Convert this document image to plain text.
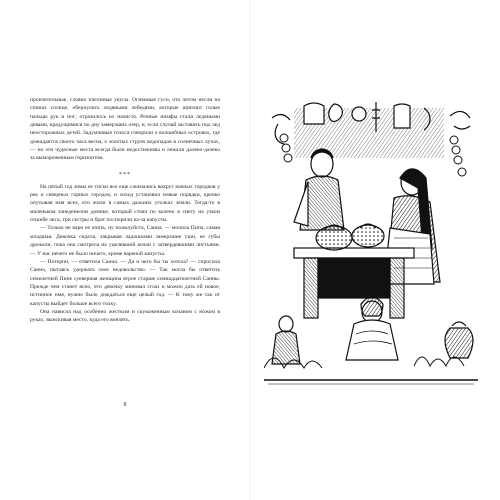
пронзительные, словно пчелиные укусы. Огненные гуси, что летом несли на спинах солнце, обернулись ледяными лебедями, которые щиплют голые пальцы рук и ног; отразилось их начисто. Речные нимфы стали ледяными девами, крадущимися по дну замерзших озер, и, если случай заставить под лед неосторожных детей. Задумчивые голоса говорили о волшебных островах, где дожидается своего часа весна, о золотых струях водопадов в солнечных лучах, — но эти чудесные места всегда были недостижимы и лежали далеко-далеко за вымороженным горизонтом.

***

На пятый год зимы ее тиски все еще сжимались вокруг южных городков у рек и северных горных городов, и холод установил новые порядки, крепко опутывая имя всех, кто жили в самых дальних уголках земли. Тогда-то в маленьком занеденелом домике, который стоял по колено в снегу на узком отшибе леса, три сестры и брат поспорили из-за капусты.

— Только не вари ее опять, ну пожалуйста, Санна, — молила Пипа, самая младшая. Девочка сидела, закрывая ладошками замерзшие уши, ее губы дрожали, пока она смотрела на уцелевший кочан с затвердевшими листьями. — У нас нечего не было ничего, кроме вареной капусты.

— Потерпи, — ответила Санна. — Да и чего бы ты хотела? — спросила Санна, пытаясь удержать злое недовольство. — Так могла бы ответить семилетней Пипе суеверная женщина втрое старше семнадцатилетней Санны. Прежде чем станет ясно, что девочку миновал сглаз и можно дать ей новое, истинное имя, нужно было дождаться еще целый год. — К тому же так от капусты выйдет больше всего толку.

Она нависла над особенно жестким и скукоженным кочаном с ножом в руках, выискивая место, куда его вонзить.

8
